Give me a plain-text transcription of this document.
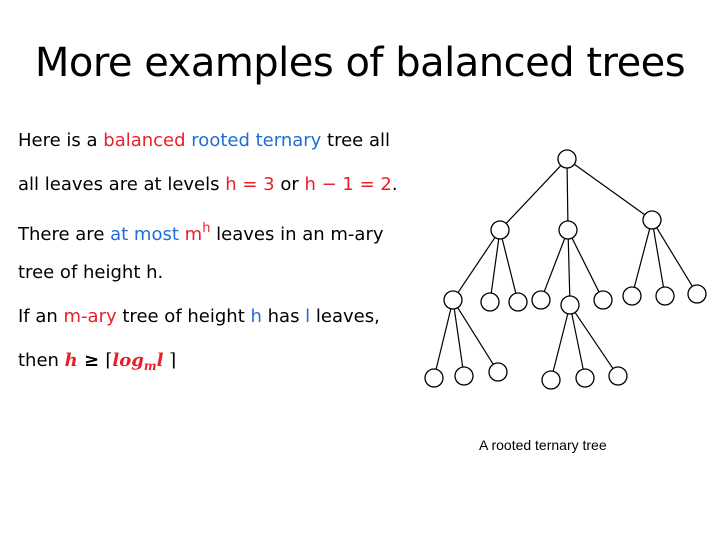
More examples of balanced trees
Here is a balanced rooted ternary tree all
all leaves are at levels h = 3 or h − 1 = 2.
There are at most $m^h$ leaves in an m-ary
tree of height h.
If an m-ary tree of height h has l leaves,
then $h \ge ⌈\log_ml$ ⌉
A rooted ternary tree
